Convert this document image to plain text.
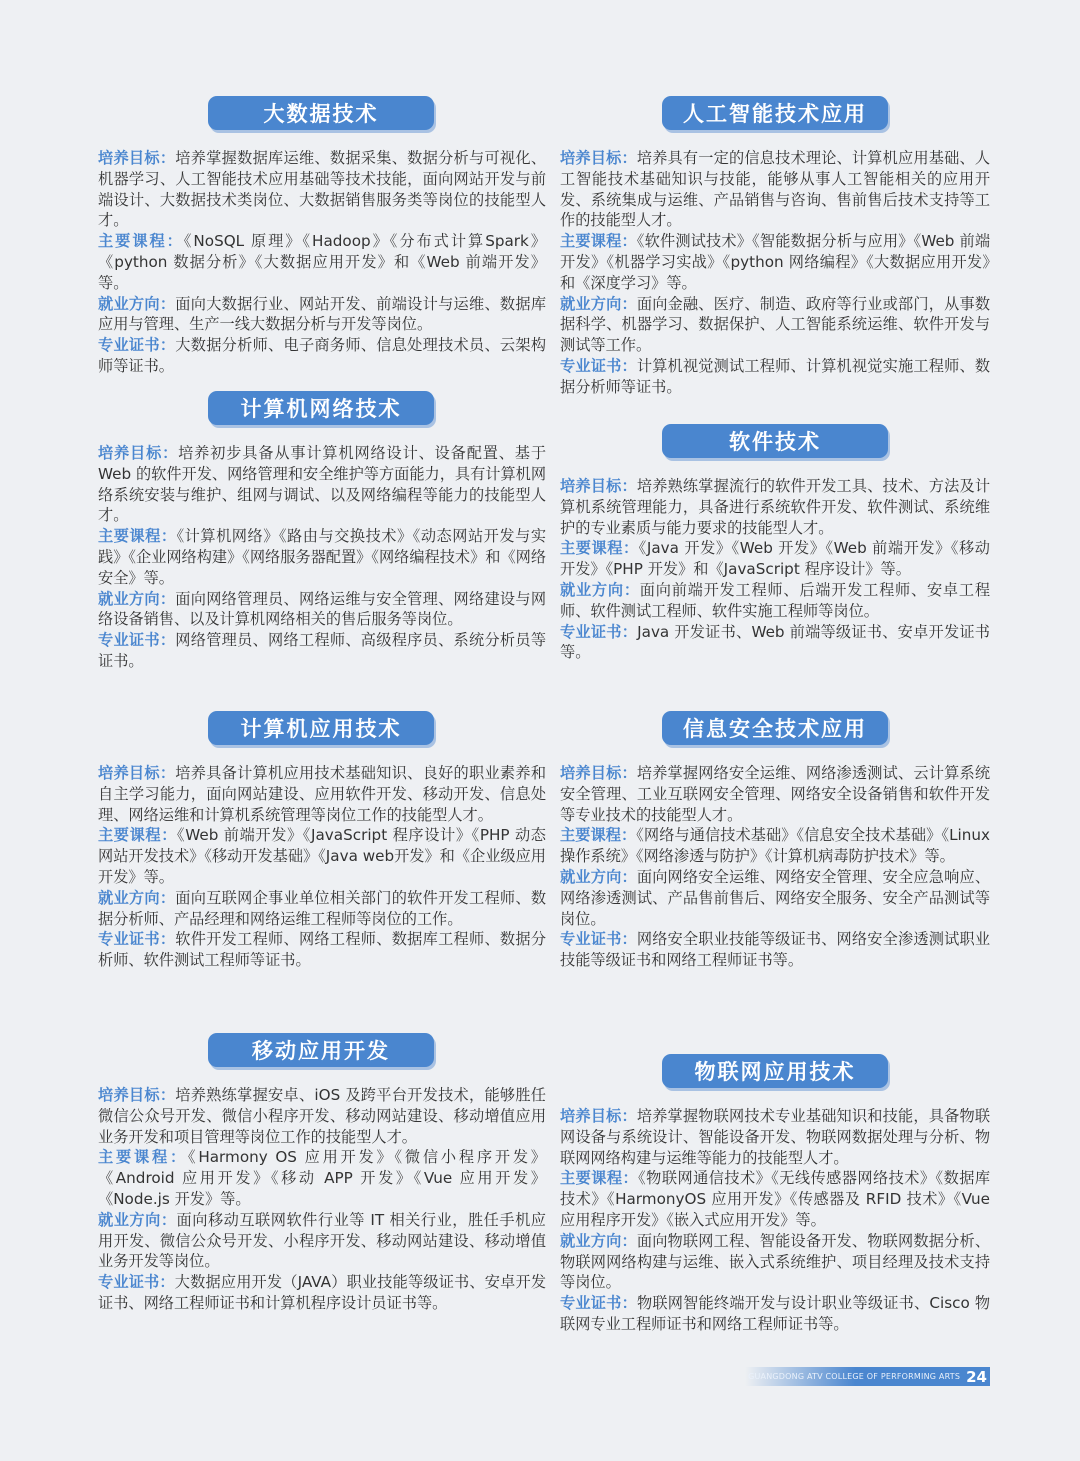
大数据技术

培养目标：培养掌握数据库运维、数据采集、数据分析与可视化、机器学习、人工智能技术应用基础等技术技能，面向网站开发与前端设计、大数据技术类岗位、大数据销售服务类等岗位的技能型人才。

主要课程：《NoSQL 原理》《Hadoop》《分布式计算Spark》《python 数据分析》《大数据应用开发》和《Web 前端开发》等。

就业方向：面向大数据行业、网站开发、前端设计与运维、数据库应用与管理、生产一线大数据分析与开发等岗位。

专业证书：大数据分析师、电子商务师、信息处理技术员、云架构师等证书。

计算机网络技术

培养目标：培养初步具备从事计算机网络设计、设备配置、基于 Web 的软件开发、网络管理和安全维护等方面能力，具有计算机网络系统安装与维护、组网与调试、以及网络编程等能力的技能型人才。

主要课程：《计算机网络》《路由与交换技术》《动态网站开发与实践》《企业网络构建》《网络服务器配置》《网络编程技术》和《网络安全》等。

就业方向：面向网络管理员、网络运维与安全管理、网络建设与网络设备销售、以及计算机网络相关的售后服务等岗位。

专业证书：网络管理员、网络工程师、高级程序员、系统分析员等证书。

计算机应用技术

培养目标：培养具备计算机应用技术基础知识、良好的职业素养和自主学习能力，面向网站建设、应用软件开发、移动开发、信息处理、网络运维和计算机系统管理等岗位工作的技能型人才。

主要课程：《Web 前端开发》《JavaScript 程序设计》《PHP 动态网站开发技术》《移动开发基础》《Java web开发》和《企业级应用开发》等。

就业方向：面向互联网企事业单位相关部门的软件开发工程师、数据分析师、产品经理和网络运维工程师等岗位的工作。

专业证书：软件开发工程师、网络工程师、数据库工程师、数据分析师、软件测试工程师等证书。

移动应用开发

培养目标：培养熟练掌握安卓、iOS 及跨平台开发技术，能够胜任微信公众号开发、微信小程序开发、移动网站建设、移动增值应用业务开发和项目管理等岗位工作的技能型人才。

主要课程：《Harmony OS 应用开发》《微信小程序开发》《Android 应用开发》《移动 APP 开发》《Vue 应用开发》《Node.js 开发》等。

就业方向：面向移动互联网软件行业等 IT 相关行业，胜任手机应用开发、微信公众号开发、小程序开发、移动网站建设、移动增值业务开发等岗位。

专业证书：大数据应用开发（JAVA）职业技能等级证书、安卓开发证书、网络工程师证书和计算机程序设计员证书等。

人工智能技术应用

培养目标：培养具有一定的信息技术理论、计算机应用基础、人工智能技术基础知识与技能，能够从事人工智能相关的应用开发、系统集成与运维、产品销售与咨询、售前售后技术支持等工作的技能型人才。

主要课程：《软件测试技术》《智能数据分析与应用》《Web 前端开发》《机器学习实战》《python 网络编程》《大数据应用开发》和《深度学习》等。

就业方向：面向金融、医疗、制造、政府等行业或部门，从事数据科学、机器学习、数据保护、人工智能系统运维、软件开发与测试等工作。

专业证书：计算机视觉测试工程师、计算机视觉实施工程师、数据分析师等证书。

软件技术

培养目标：培养熟练掌握流行的软件开发工具、技术、方法及计算机系统管理能力，具备进行系统软件开发、软件测试、系统维护的专业素质与能力要求的技能型人才。

主要课程：《Java 开发》《Web 开发》《Web 前端开发》《移动开发》《PHP 开发》和《JavaScript 程序设计》等。

就业方向：面向前端开发工程师、后端开发工程师、安卓工程师、软件测试工程师、软件实施工程师等岗位。

专业证书：Java 开发证书、Web 前端等级证书、安卓开发证书等。

信息安全技术应用

培养目标：培养掌握网络安全运维、网络渗透测试、云计算系统安全管理、工业互联网安全管理、网络安全设备销售和软件开发等专业技术的技能型人才。

主要课程：《网络与通信技术基础》《信息安全技术基础》《Linux 操作系统》《网络渗透与防护》《计算机病毒防护技术》等。

就业方向：面向网络安全运维、网络安全管理、安全应急响应、网络渗透测试、产品售前售后、网络安全服务、安全产品测试等岗位。

专业证书：网络安全职业技能等级证书、网络安全渗透测试职业技能等级证书和网络工程师证书等。

物联网应用技术

培养目标：培养掌握物联网技术专业基础知识和技能，具备物联网设备与系统设计、智能设备开发、物联网数据处理与分析、物联网网络构建与运维等能力的技能型人才。

主要课程：《物联网通信技术》《无线传感器网络技术》《数据库技术》《HarmonyOS 应用开发》《传感器及 RFID 技术》《Vue 应用程序开发》《嵌入式应用开发》等。

就业方向：面向物联网工程、智能设备开发、物联网数据分析、物联网网络构建与运维、嵌入式系统维护、项目经理及技术支持等岗位。

专业证书：物联网智能终端开发与设计职业等级证书、Cisco 物联网专业工程师证书和网络工程师证书等。

GUANGDONG ATV COLLEGE OF PERFORMING ARTS 24
